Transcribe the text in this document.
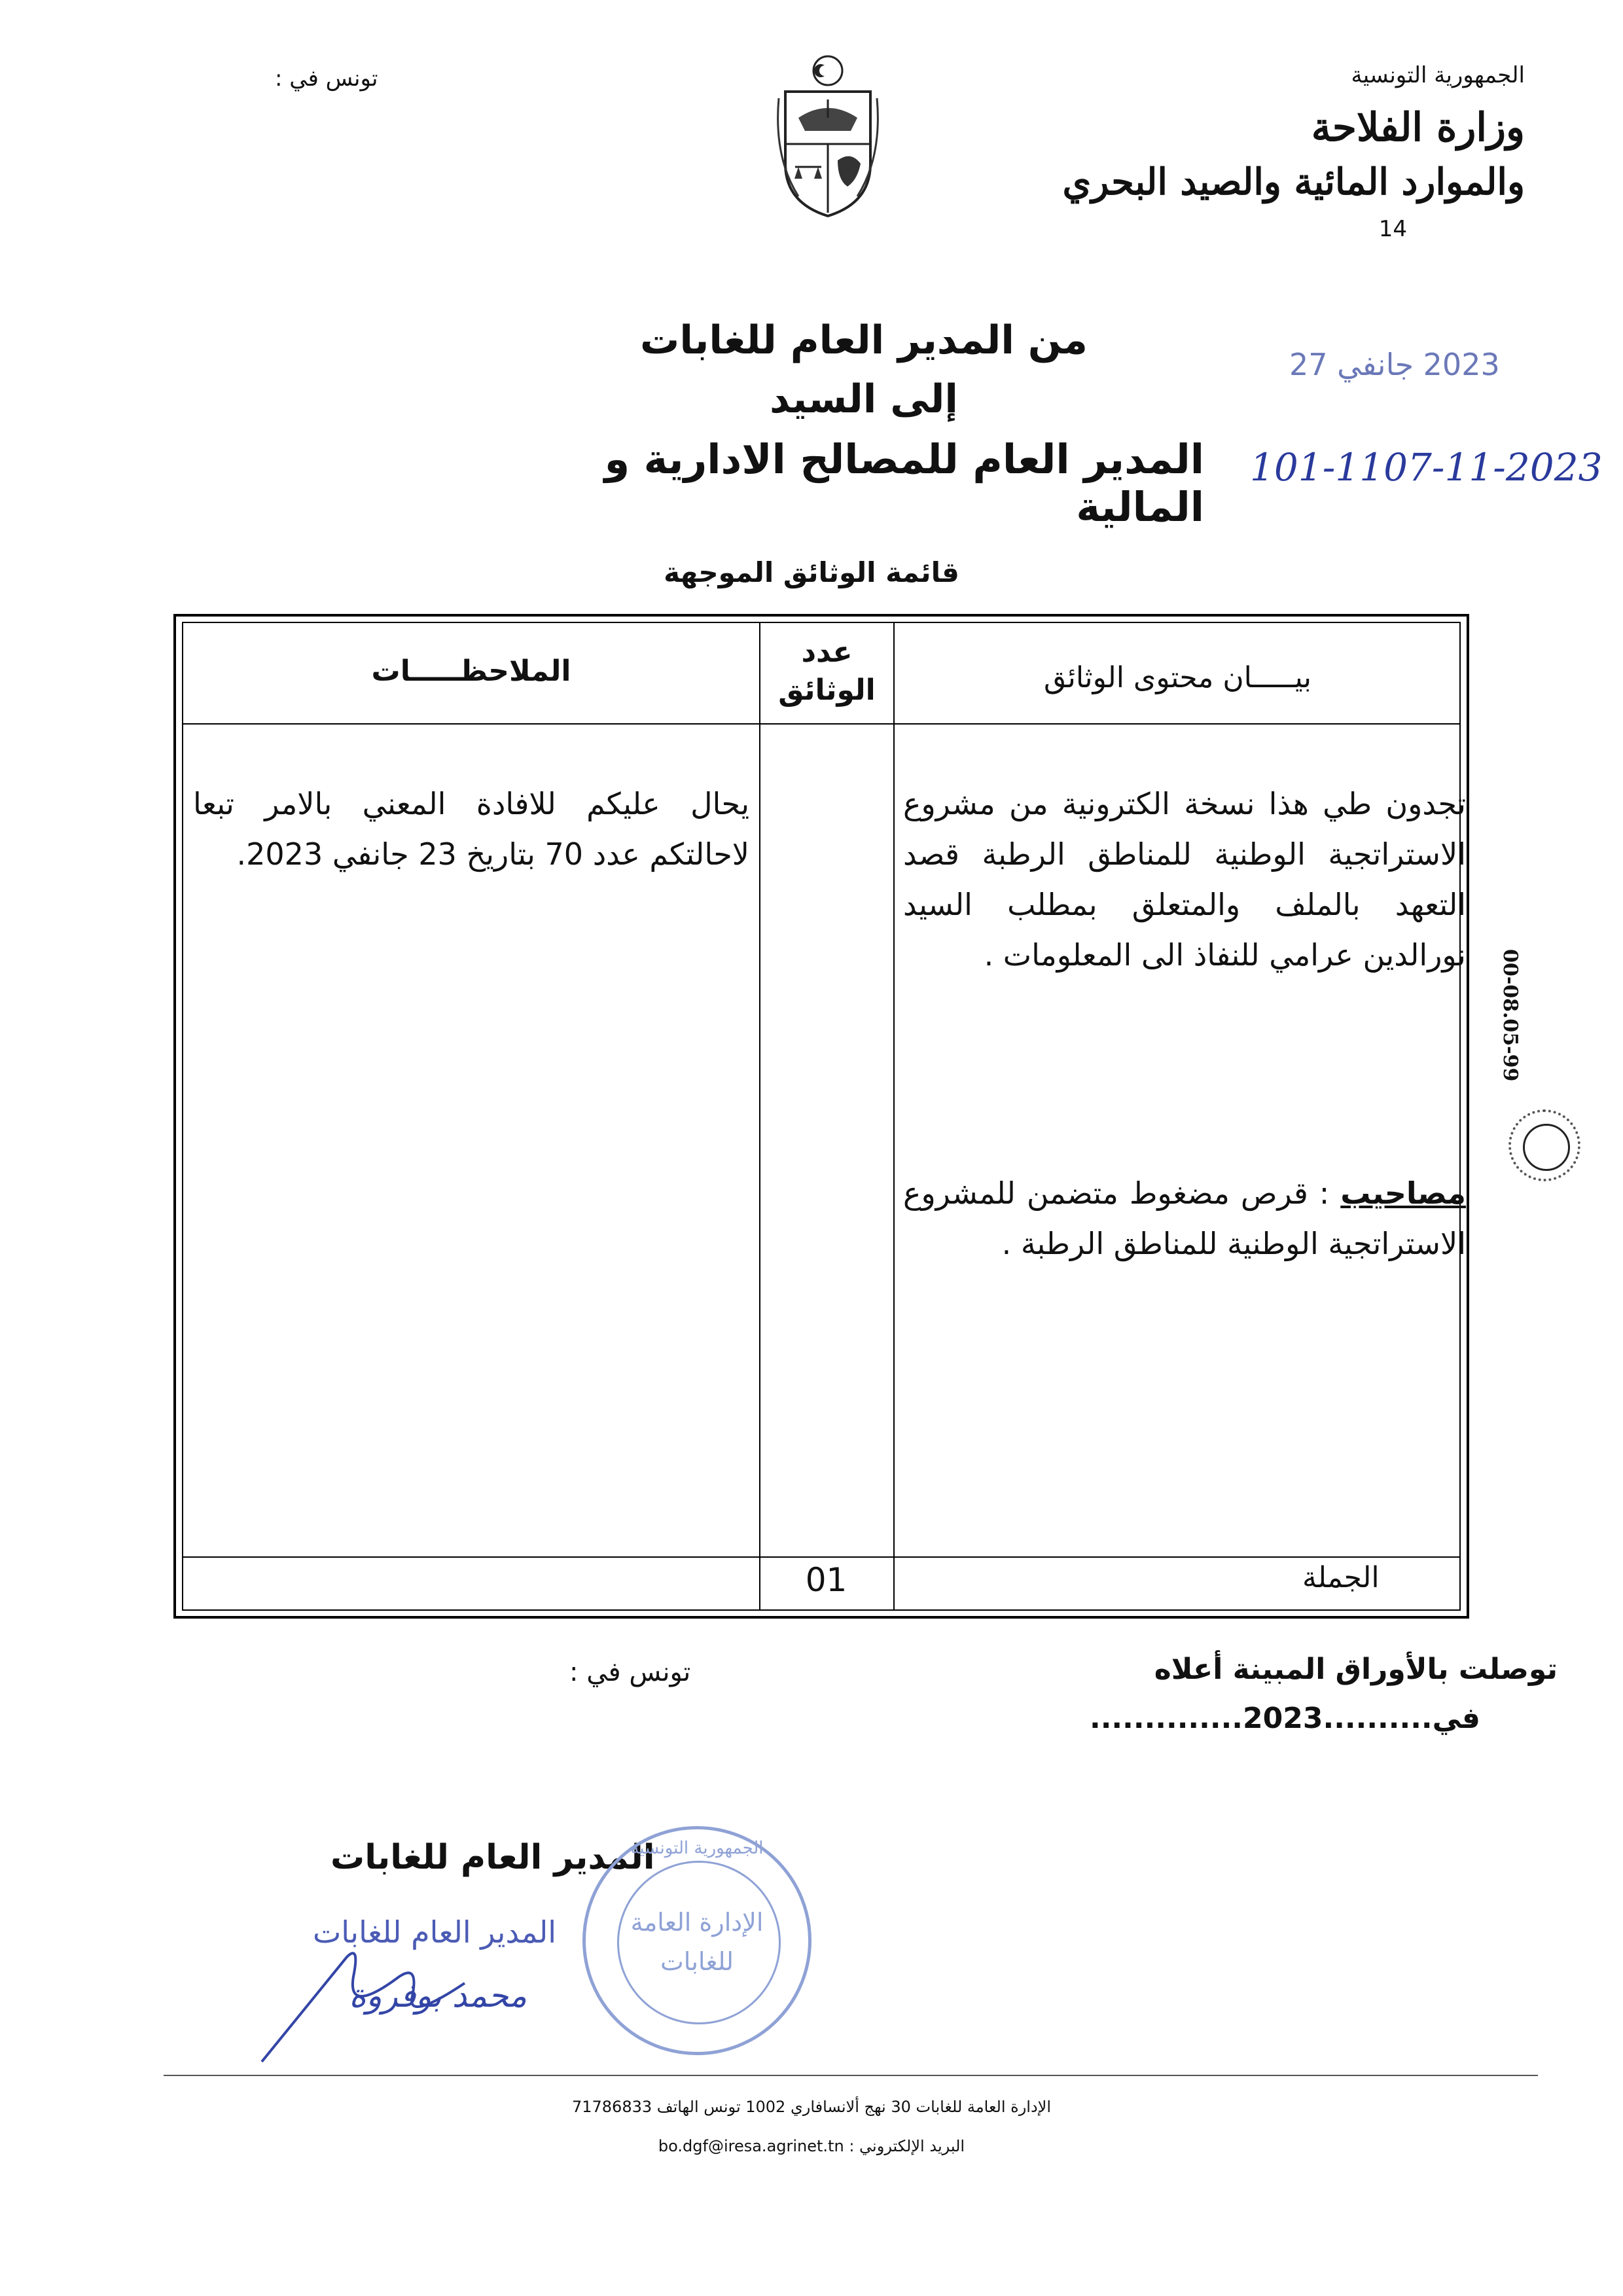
تونس في :	الجمهورية التونسية
وزارة الفلاحة
والموارد المائية والصيد البحري
14
2023 جانفي 27
101-1107-11-2023
من المدير العام للغابات
إلى السيد
المدير العام للمصالح الادارية و المالية
قائمة الوثائق الموجهة
بيـــــان محتوى الوثائق
عدد الوثائق
الملاحظـــــات
تجدون طي هذا نسخة الكترونية من مشروع الاستراتجية الوطنية للمناطق الرطبة قصد التعهد بالملف والمتعلق بمطلب السيد نورالدين عرامي للنفاذ الى المعلومات .
مصاحيب : قرص مضغوط متضمن للمشروع الاستراتجية الوطنية للمناطق الرطبة .
يحال عليكم للافادة المعني بالامر تبعا لاحالتكم عدد 70 بتاريخ 23 جانفي 2023.
الجملة
01
توصلت بالأوراق المبينة أعلاه
في..........2023..............
تونس في :
المدير العام للغابات
المدير العام للغابات
محمد بوفروة
الجمهورية التونسية
الإدارة العامة
للغابات
00-08.05-99
الإدارة العامة للغابات 30 نهج ألانسافاري 1002 تونس الهاتف 71786833
البريد الإلكتروني : bo.dgf@iresa.agrinet.tn
